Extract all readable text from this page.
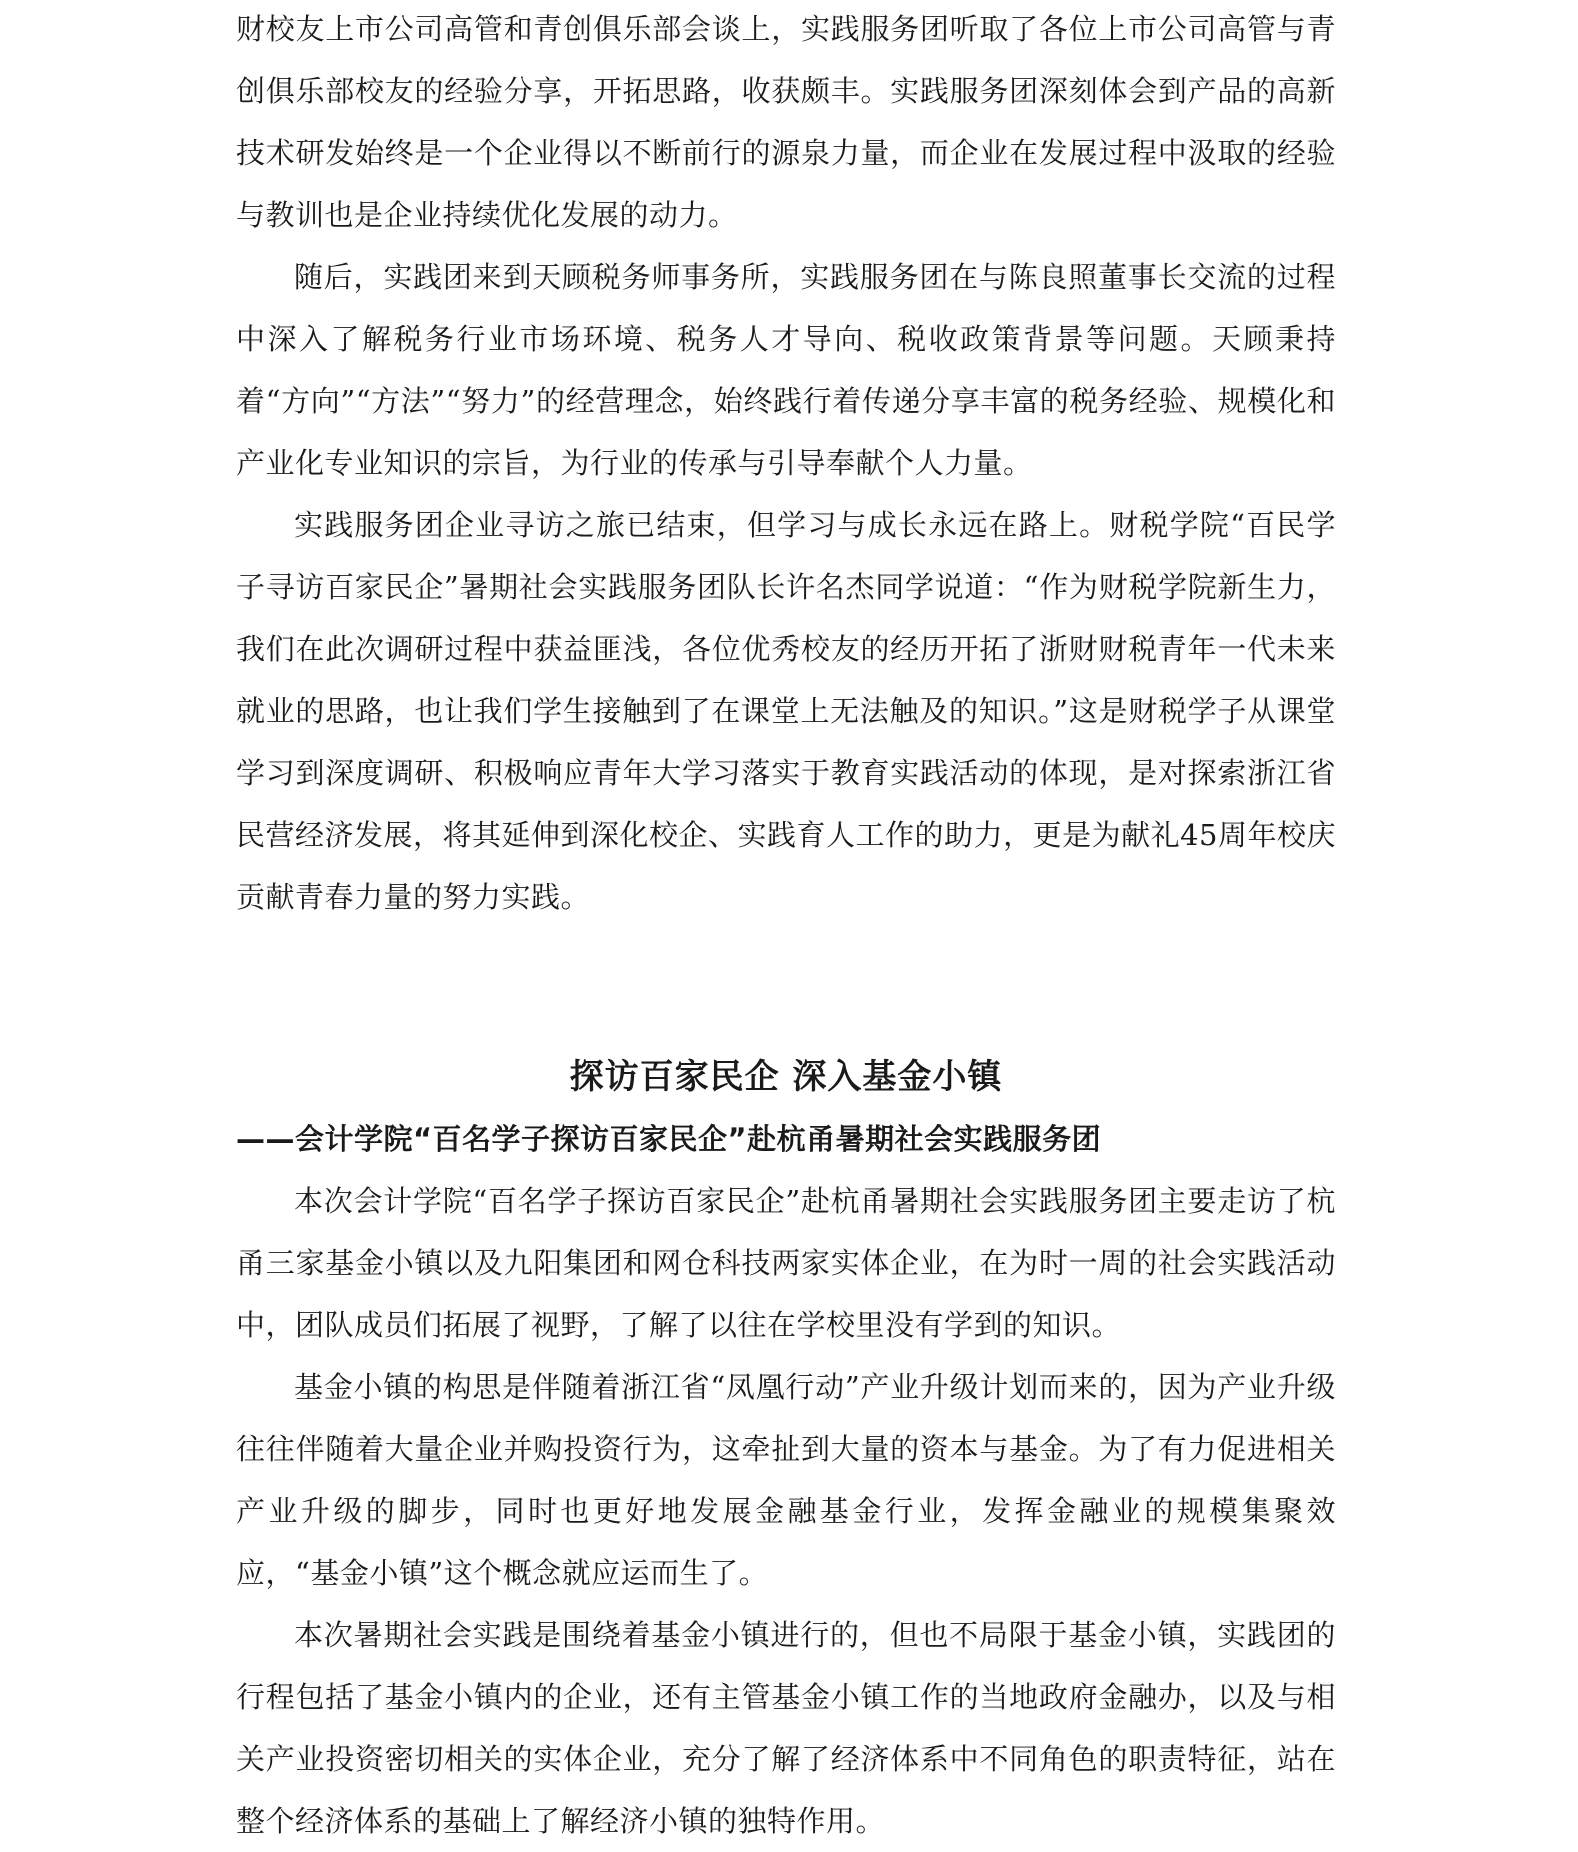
财校友上市公司高管和青创俱乐部会谈上，实践服务团听取了各位上市公司高管与青创俱乐部校友的经验分享，开拓思路，收获颇丰。实践服务团深刻体会到产品的高新技术研发始终是一个企业得以不断前行的源泉力量，而企业在发展过程中汲取的经验与教训也是企业持续优化发展的动力。

随后，实践团来到天顾税务师事务所，实践服务团在与陈良照董事长交流的过程中深入了解税务行业市场环境、税务人才导向、税收政策背景等问题。天顾秉持着“方向”“方法”“努力”的经营理念，始终践行着传递分享丰富的税务经验、规模化和产业化专业知识的宗旨，为行业的传承与引导奉献个人力量。

实践服务团企业寻访之旅已结束，但学习与成长永远在路上。财税学院“百民学子寻访百家民企”暑期社会实践服务团队长许名杰同学说道：“作为财税学院新生力，我们在此次调研过程中获益匪浅，各位优秀校友的经历开拓了浙财财税青年一代未来就业的思路，也让我们学生接触到了在课堂上无法触及的知识。”这是财税学子从课堂学习到深度调研、积极响应青年大学习落实于教育实践活动的体现，是对探索浙江省民营经济发展，将其延伸到深化校企、实践育人工作的助力，更是为献礼45周年校庆贡献青春力量的努力实践。

探访百家民企 深入基金小镇
——会计学院“百名学子探访百家民企”赴杭甬暑期社会实践服务团

本次会计学院“百名学子探访百家民企”赴杭甬暑期社会实践服务团主要走访了杭甬三家基金小镇以及九阳集团和网仓科技两家实体企业，在为时一周的社会实践活动中，团队成员们拓展了视野，了解了以往在学校里没有学到的知识。

基金小镇的构思是伴随着浙江省“凤凰行动”产业升级计划而来的，因为产业升级往往伴随着大量企业并购投资行为，这牵扯到大量的资本与基金。为了有力促进相关产业升级的脚步，同时也更好地发展金融基金行业，发挥金融业的规模集聚效应，“基金小镇”这个概念就应运而生了。

本次暑期社会实践是围绕着基金小镇进行的，但也不局限于基金小镇，实践团的行程包括了基金小镇内的企业，还有主管基金小镇工作的当地政府金融办，以及与相关产业投资密切相关的实体企业，充分了解了经济体系中不同角色的职责特征，站在整个经济体系的基础上了解经济小镇的独特作用。
